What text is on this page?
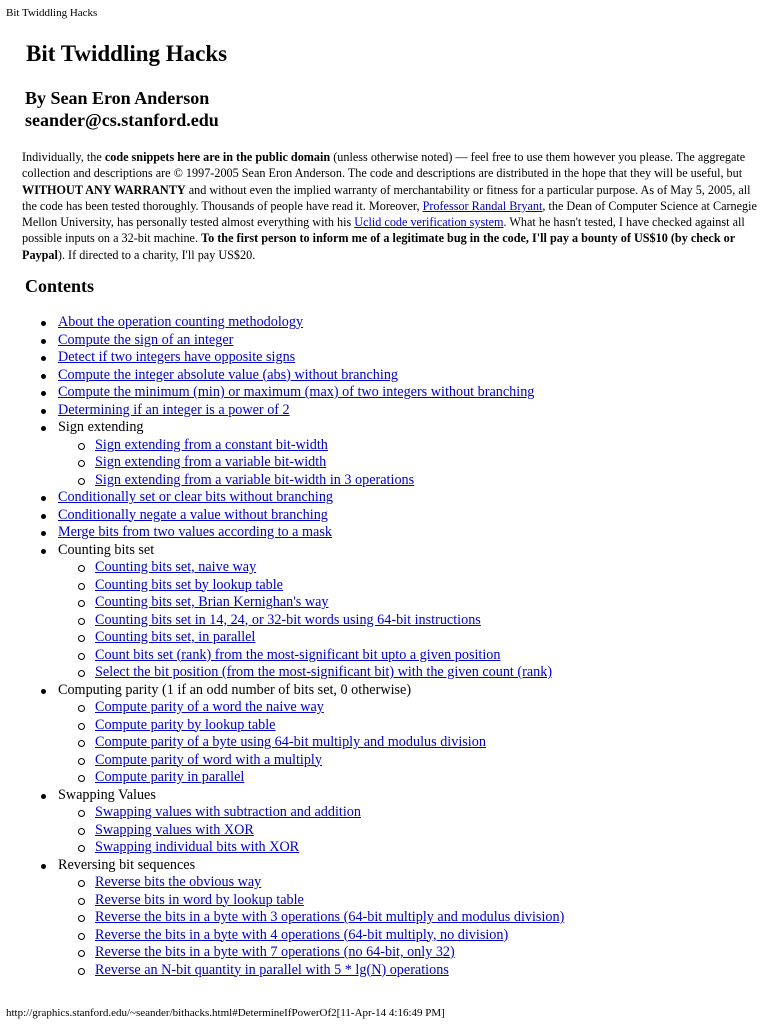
Bit Twiddling Hacks
Bit Twiddling Hacks
By Sean Eron Anderson
seander@cs.stanford.edu

Individually, the code snippets here are in the public domain (unless otherwise noted) — feel free to use them however you please. The aggregate collection and descriptions are © 1997-2005 Sean Eron Anderson. The code and descriptions are distributed in the hope that they will be useful, but WITHOUT ANY WARRANTY and without even the implied warranty of merchantability or fitness for a particular purpose. As of May 5, 2005, all the code has been tested thoroughly. Thousands of people have read it. Moreover, Professor Randal Bryant, the Dean of Computer Science at Carnegie Mellon University, has personally tested almost everything with his Uclid code verification system. What he hasn't tested, I have checked against all possible inputs on a 32-bit machine. To the first person to inform me of a legitimate bug in the code, I'll pay a bounty of US$10 (by check or Paypal). If directed to a charity, I'll pay US$20.

Contents
About the operation counting methodology
Compute the sign of an integer
Detect if two integers have opposite signs
Compute the integer absolute value (abs) without branching
Compute the minimum (min) or maximum (max) of two integers without branching
Determining if an integer is a power of 2
Sign extending
Sign extending from a constant bit-width
Sign extending from a variable bit-width
Sign extending from a variable bit-width in 3 operations
Conditionally set or clear bits without branching
Conditionally negate a value without branching
Merge bits from two values according to a mask
Counting bits set
Counting bits set, naive way
Counting bits set by lookup table
Counting bits set, Brian Kernighan's way
Counting bits set in 14, 24, or 32-bit words using 64-bit instructions
Counting bits set, in parallel
Count bits set (rank) from the most-significant bit upto a given position
Select the bit position (from the most-significant bit) with the given count (rank)
Computing parity (1 if an odd number of bits set, 0 otherwise)
Compute parity of a word the naive way
Compute parity by lookup table
Compute parity of a byte using 64-bit multiply and modulus division
Compute parity of word with a multiply
Compute parity in parallel
Swapping Values
Swapping values with subtraction and addition
Swapping values with XOR
Swapping individual bits with XOR
Reversing bit sequences
Reverse bits the obvious way
Reverse bits in word by lookup table
Reverse the bits in a byte with 3 operations (64-bit multiply and modulus division)
Reverse the bits in a byte with 4 operations (64-bit multiply, no division)
Reverse the bits in a byte with 7 operations (no 64-bit, only 32)
Reverse an N-bit quantity in parallel with 5 * lg(N) operations
http://graphics.stanford.edu/~seander/bithacks.html#DetermineIfPowerOf2[11-Apr-14 4:16:49 PM]
